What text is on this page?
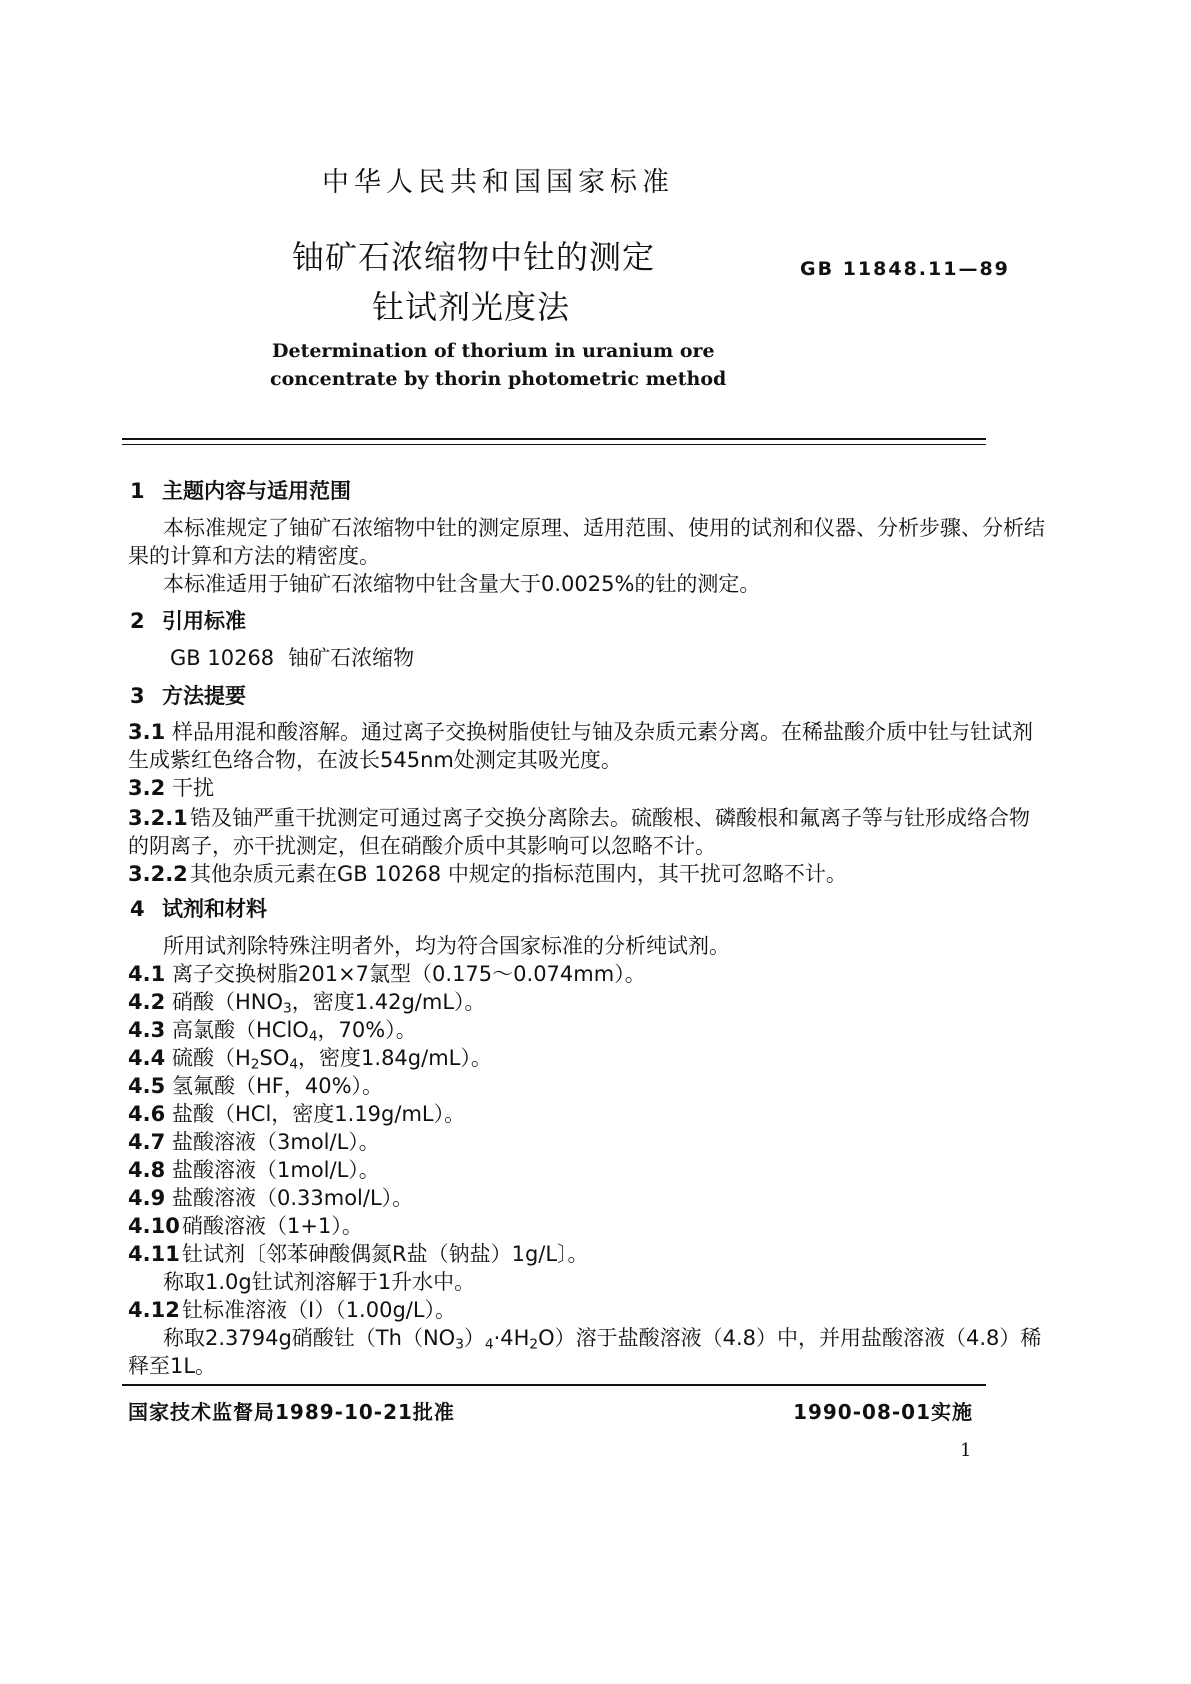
中华人民共和国国家标准
铀矿石浓缩物中钍的测定
钍试剂光度法
GB 11848.11—89
Determination of thorium in uranium ore
concentrate by thorin photometric method
1 主题内容与适用范围
本标准规定了铀矿石浓缩物中钍的测定原理、适用范围、使用的试剂和仪器、分析步骤、分析结
果的计算和方法的精密度。
本标准适用于铀矿石浓缩物中钍含量大于0.0025%的钍的测定。
2 引用标准
GB 10268 铀矿石浓缩物
3 方法提要
3.1 样品用混和酸溶解。通过离子交换树脂使钍与铀及杂质元素分离。在稀盐酸介质中钍与钍试剂
生成紫红色络合物，在波长545nm处测定其吸光度。
3.2 干扰
3.2.1 锆及铀严重干扰测定可通过离子交换分离除去。硫酸根、磷酸根和氟离子等与钍形成络合物
的阴离子，亦干扰测定，但在硝酸介质中其影响可以忽略不计。
3.2.2 其他杂质元素在GB 10268 中规定的指标范围内，其干扰可忽略不计。
4 试剂和材料
所用试剂除特殊注明者外，均为符合国家标准的分析纯试剂。
4.1 离子交换树脂201×7氯型（0.175～0.074mm）。
4.2 硝酸（$HNO_3$，密度1.42g/mL）。
4.3 高氯酸（HClO$_4$，70%）。
4.4 硫酸（$H_2SO_4$，密度1.84g/mL）。
4.5 氢氟酸（HF，40%）。
4.6 盐酸（HCl，密度1.19g/mL）。
4.7 盐酸溶液（3mol/L）。
4.8 盐酸溶液（1mol/L）。
4.9 盐酸溶液（0.33mol/L）。
4.10 硝酸溶液（1+1）。
4.11 钍试剂〔邻苯砷酸偶氮R盐（钠盐）1g/L〕。
称取1.0g钍试剂溶解于1升水中。
4.12 钍标准溶液（Ⅰ）（1.00g/L）。
称取2.3794g硝酸钍$(Th(NO_3)_4\cdot 4H_2O)$溶于盐酸溶液（4.8）中，并用盐酸溶液（4.8）稀
释至1L。
国家技术监督局1989-10-21批准	1990-08-01实施
1
